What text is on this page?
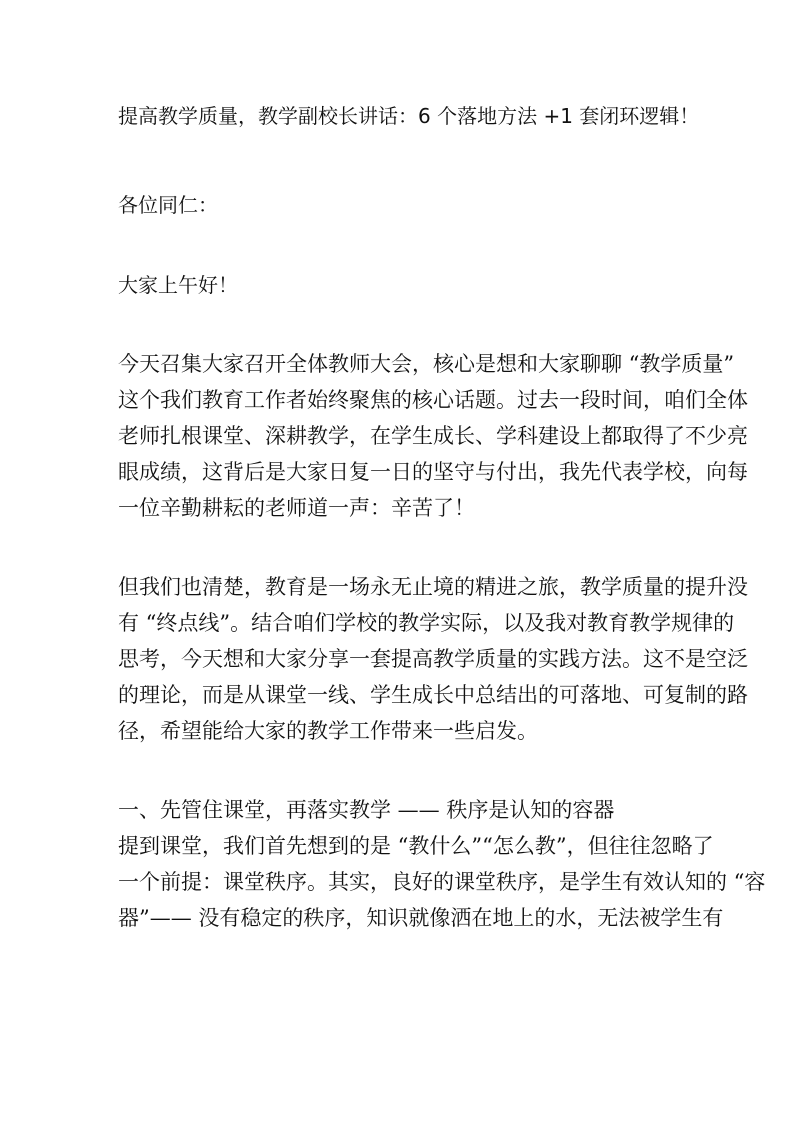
提高教学质量，教学副校长讲话：6 个落地方法 +1 套闭环逻辑！
各位同仁：
大家上午好！
今天召集大家召开全体教师大会，核心是想和大家聊聊 “教学质量”
这个我们教育工作者始终聚焦的核心话题。过去一段时间，咱们全体
老师扎根课堂、深耕教学，在学生成长、学科建设上都取得了不少亮
眼成绩，这背后是大家日复一日的坚守与付出，我先代表学校，向每
一位辛勤耕耘的老师道一声：辛苦了！
但我们也清楚，教育是一场永无止境的精进之旅，教学质量的提升没
有 “终点线”。结合咱们学校的教学实际，以及我对教育教学规律的
思考，今天想和大家分享一套提高教学质量的实践方法。这不是空泛
的理论，而是从课堂一线、学生成长中总结出的可落地、可复制的路
径，希望能给大家的教学工作带来一些启发。
一、先管住课堂，再落实教学 —— 秩序是认知的容器
提到课堂，我们首先想到的是 “教什么”“怎么教”，但往往忽略了
一个前提：课堂秩序。其实，良好的课堂秩序，是学生有效认知的 “容
器”—— 没有稳定的秩序，知识就像洒在地上的水，无法被学生有
